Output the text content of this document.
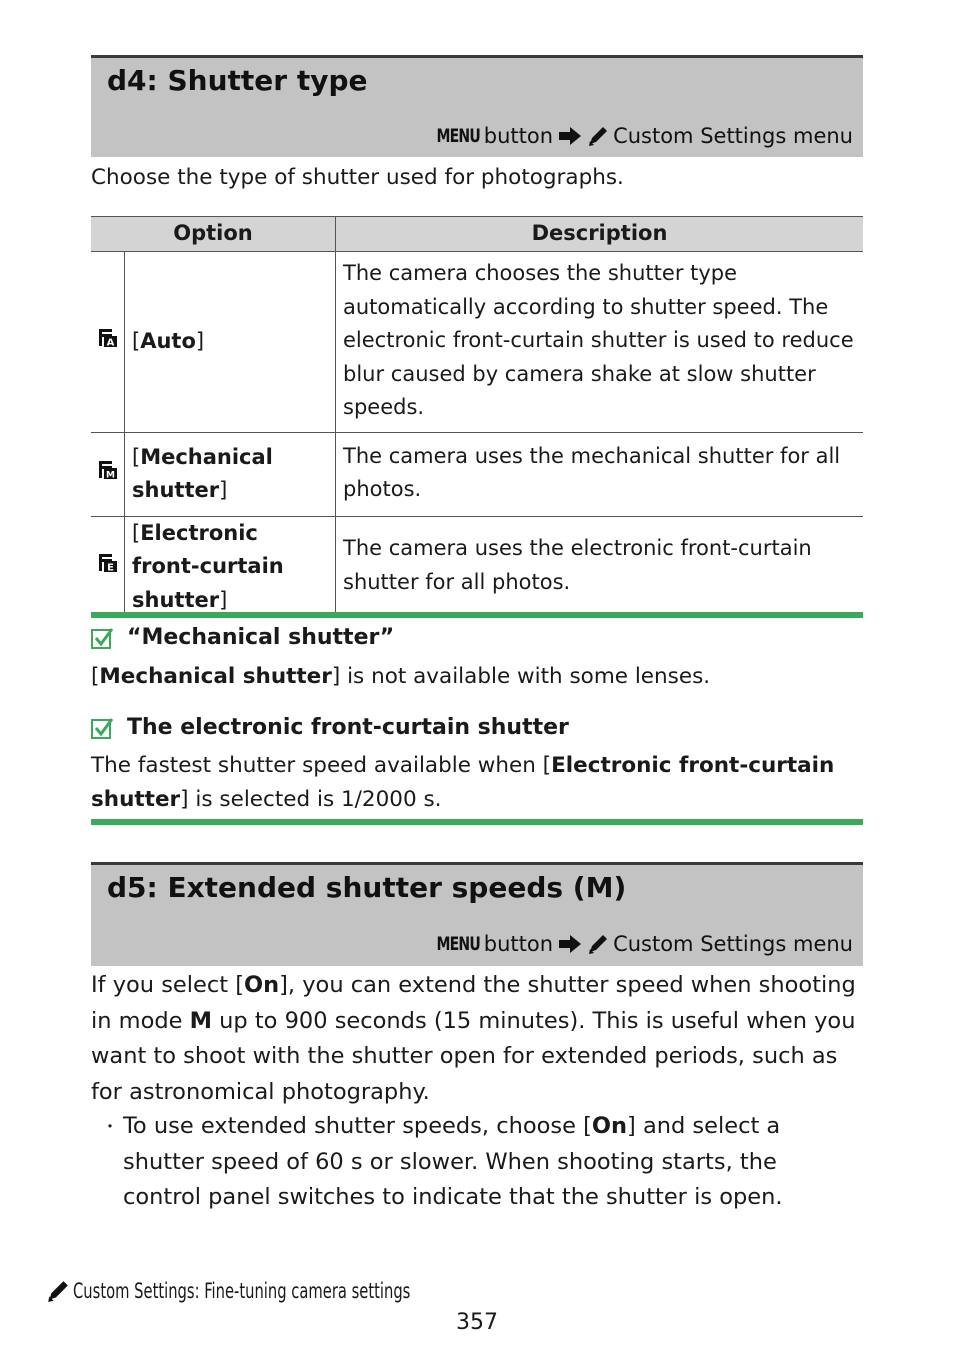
d4: Shutter type
MENU button	Custom Settings menu
Choose the type of shutter used for photographs.
Option		Description

A	[Auto]	The camera chooses the shutter type automatically according to shutter speed. The electronic front-curtain shutter is used to reduce blur caused by camera shake at slow shutter speeds.

M	[Mechanical shutter]	The camera uses the mechanical shutter for all photos.

E	[Electronic front-curtain shutter]	The camera uses the electronic front-curtain shutter for all photos.
“Mechanical shutter”
[Mechanical shutter] is not available with some lenses.
The electronic front-curtain shutter
The fastest shutter speed available when [Electronic front-curtain shutter] is selected is 1/2000 s.
d5: Extended shutter speeds (M)
MENU button	Custom Settings menu
If you select [On], you can extend the shutter speed when shooting in mode M up to 900 seconds (15 minutes). This is useful when you want to shoot with the shutter open for extended periods, such as for astronomical photography.
・ To use extended shutter speeds, choose [On] and select a shutter speed of 60 s or slower. When shooting starts, the control panel switches to indicate that the shutter is open.
Custom Settings: Fine-tuning camera settings
357
